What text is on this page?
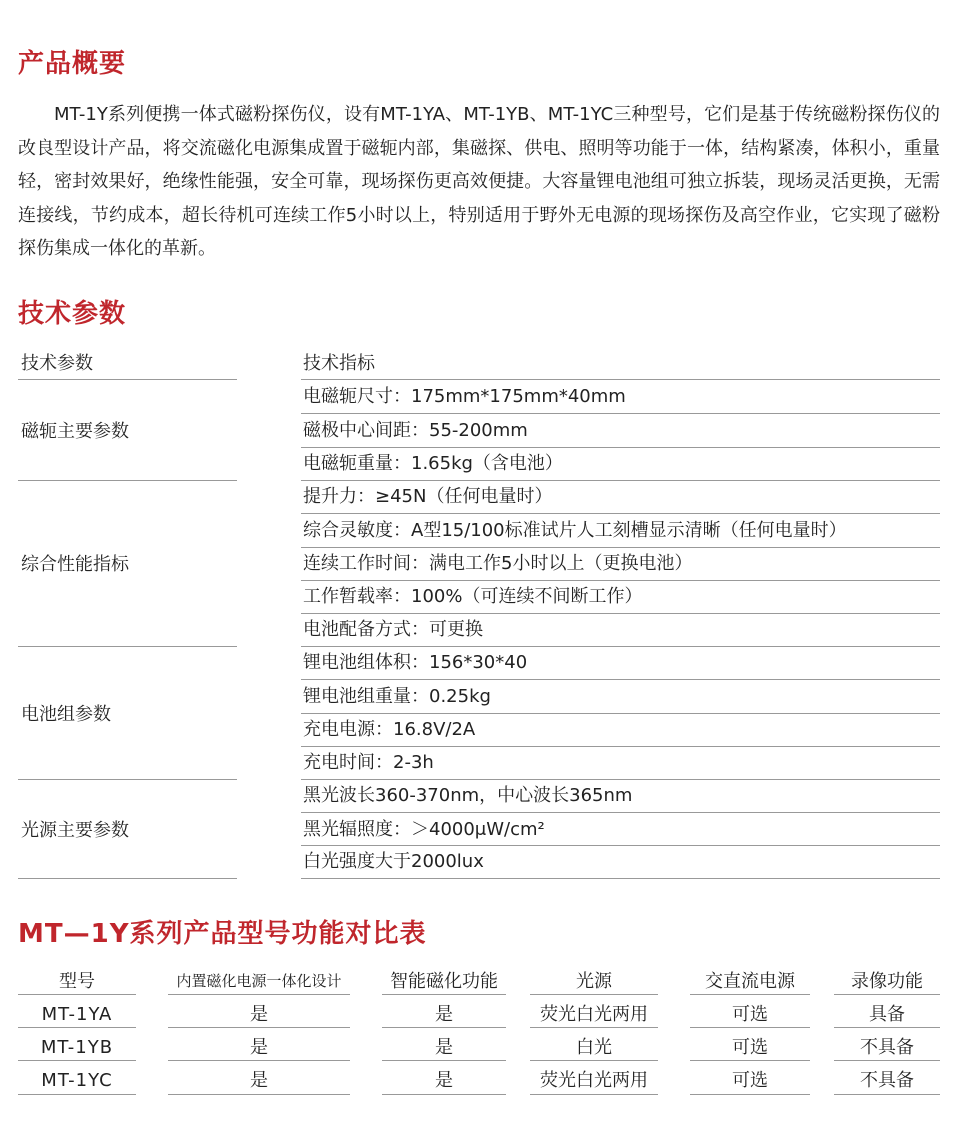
产品概要

MT-1Y系列便携一体式磁粉探伤仪，设有MT-1YA、MT-1YB、MT-1YC三种型号，它们是基于传统磁粉探伤仪的改良型设计产品，将交流磁化电源集成置于磁轭内部，集磁探、供电、照明等功能于一体，结构紧凑，体积小，重量轻，密封效果好，绝缘性能强，安全可靠，现场探伤更高效便捷。大容量锂电池组可独立拆装，现场灵活更换，无需连接线，节约成本，超长待机可连续工作5小时以上，特别适用于野外无电源的现场探伤及高空作业，它实现了磁粉探伤集成一体化的革新。

技术参数
技术参数	技术指标
磁轭主要参数
电磁轭尺寸：175mm*175mm*40mm
磁极中心间距：55-200mm
电磁轭重量：1.65kg（含电池）
综合性能指标
提升力：≥45N（任何电量时）
综合灵敏度：A型15/100标准试片人工刻槽显示清晰（任何电量时）
连续工作时间：满电工作5小时以上（更换电池）
工作暂载率：100%（可连续不间断工作）
电池配备方式：可更换
电池组参数
锂电池组体积：156*30*40
锂电池组重量：0.25kg
充电电源：16.8V/2A
充电时间：2-3h
光源主要参数
黑光波长360-370nm，中心波长365nm
黑光辐照度：＞4000μW/cm²
白光强度大于2000lux
MT—1Y系列产品型号功能对比表
型号	内置磁化电源一体化设计	智能磁化功能	光源	交直流电源	录像功能
MT-1YA	是	是	荧光白光两用	可选	具备
MT-1YB	是	是	白光	可选	不具备
MT-1YC	是	是	荧光白光两用	可选	不具备
